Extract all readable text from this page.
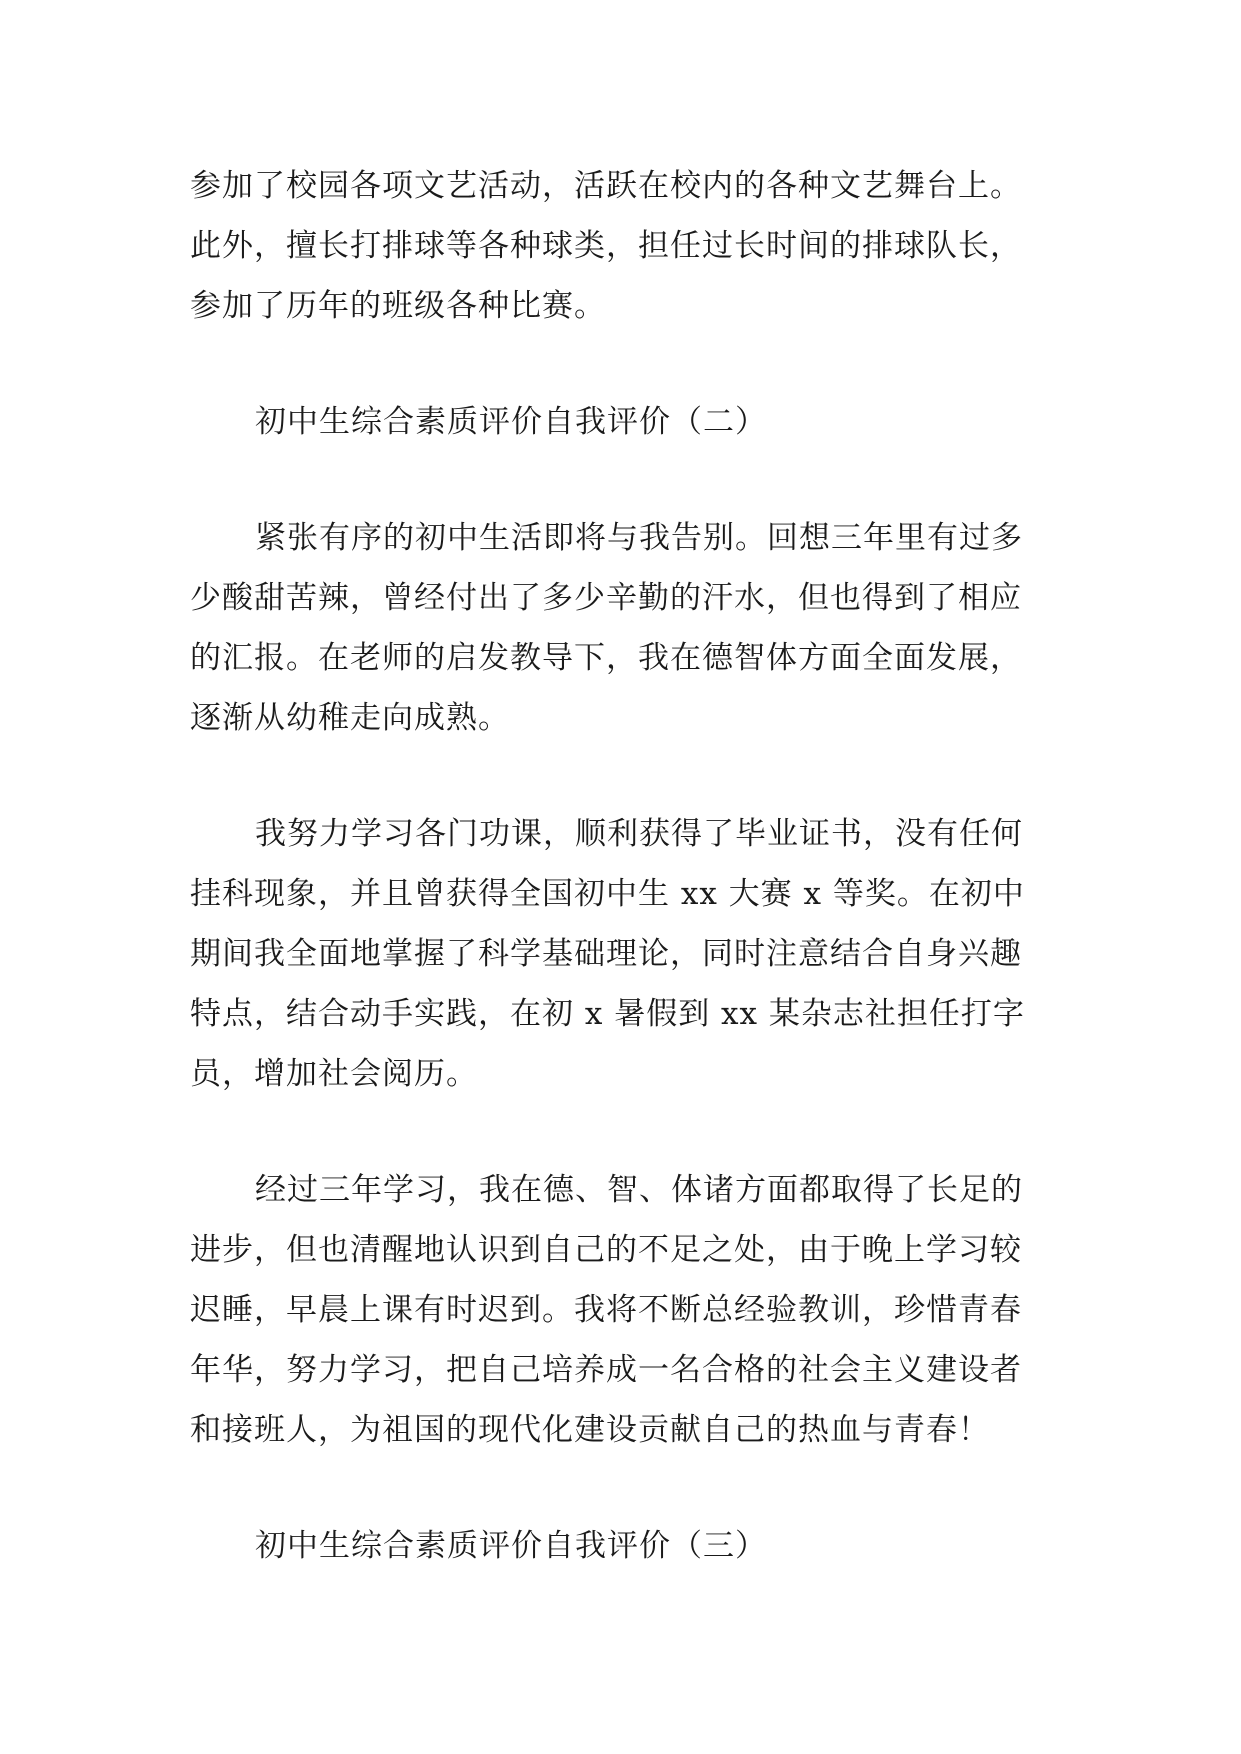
参加了校园各项文艺活动，活跃在校内的各种文艺舞台上。
此外，擅长打排球等各种球类，担任过长时间的排球队长，
参加了历年的班级各种比赛。
初中生综合素质评价自我评价（二）
紧张有序的初中生活即将与我告别。回想三年里有过多
少酸甜苦辣，曾经付出了多少辛勤的汗水，但也得到了相应
的汇报。在老师的启发教导下，我在德智体方面全面发展，
逐渐从幼稚走向成熟。
我努力学习各门功课，顺利获得了毕业证书，没有任何
挂科现象，并且曾获得全国初中生 xx 大赛 x 等奖。在初中
期间我全面地掌握了科学基础理论，同时注意结合自身兴趣
特点，结合动手实践，在初 x 暑假到 xx 某杂志社担任打字
员，增加社会阅历。
经过三年学习，我在德、智、体诸方面都取得了长足的
进步，但也清醒地认识到自己的不足之处，由于晚上学习较
迟睡，早晨上课有时迟到。我将不断总经验教训，珍惜青春
年华，努力学习，把自己培养成一名合格的社会主义建设者
和接班人，为祖国的现代化建设贡献自己的热血与青春！
初中生综合素质评价自我评价（三）
